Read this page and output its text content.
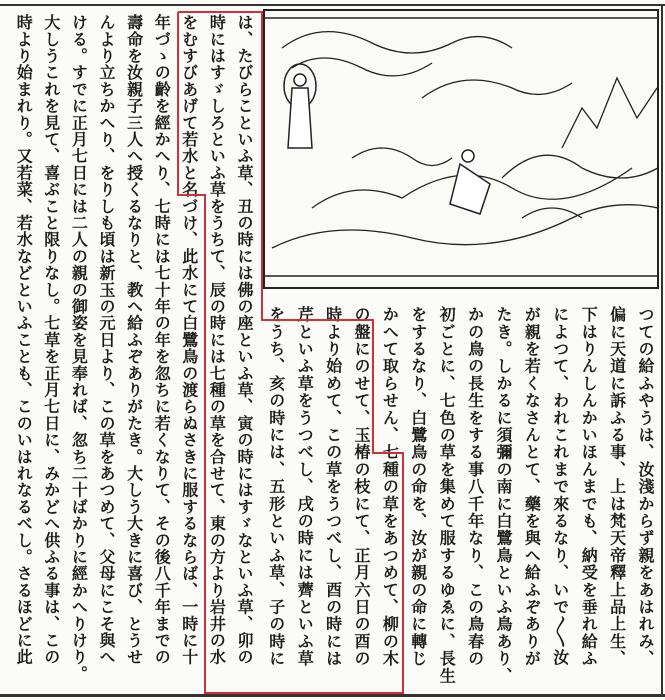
つての給ふやうは、汝淺からず親をあはれみ、
偏に天道に訴ふる事、上は梵天帝釋上品上生、
下はりんしんかいほんまでも、納受を垂れ給ふ
によつて、われこれまで來るなり、いで〳〵汝
が親を若くなさんとて、藥を與へ給ふぞありが
たき。しかるに須彌の南に白鷺鳥といふ鳥あり、
かの鳥の長生をする事八千年なり、この鳥春の
初ごとに、七色の草を集めて服するゆゑに、長生
をするなり、白鷺鳥の命を、汝が親の命に轉じ
かへて取らせん、七種の草をあつめて、柳の木
の盤にのせて、玉椿の枝にて、正月六日の酉の
時より始めて、この草をうつべし、酉の時には
芹といふ草をうつべし、戌の時には薺といふ草
をうち、亥の時には、五形といふ草、子の時に
は、たびらこといふ草、丑の時には佛の座といふ草、寅の時にはすゞなといふ草、卯の
時にはすゞしろといふ草をうちて、辰の時には七種の草を合せて、東の方より岩井の水
をむすびあげて若水と名づけ、此水にて白鷺鳥の渡らぬさきに服するならば、一時に十
年づゝの齡を經かへり、七時には七十年の年を忽ちに若くなりて、その後八千年までの
壽命を汝親子三人へ授くるなりと、教へ給ふぞありがたき。大しう大きに喜び、とうせ
んより立ちかへり、をりしも頃は新玉の元日より、この草をあつめて、父母にこそ與へ
ける。すでに正月七日には二人の親の御姿を見奉れば、忽ち二十ばかりに經かへりけり。
大しうこれを見て、喜ぶこと限りなし。七草を正月七日に、みかどへ供ふる事は、この
時より始まれり。又若菜、若水などといふことも、このいはれなるべし。さるほどに此
